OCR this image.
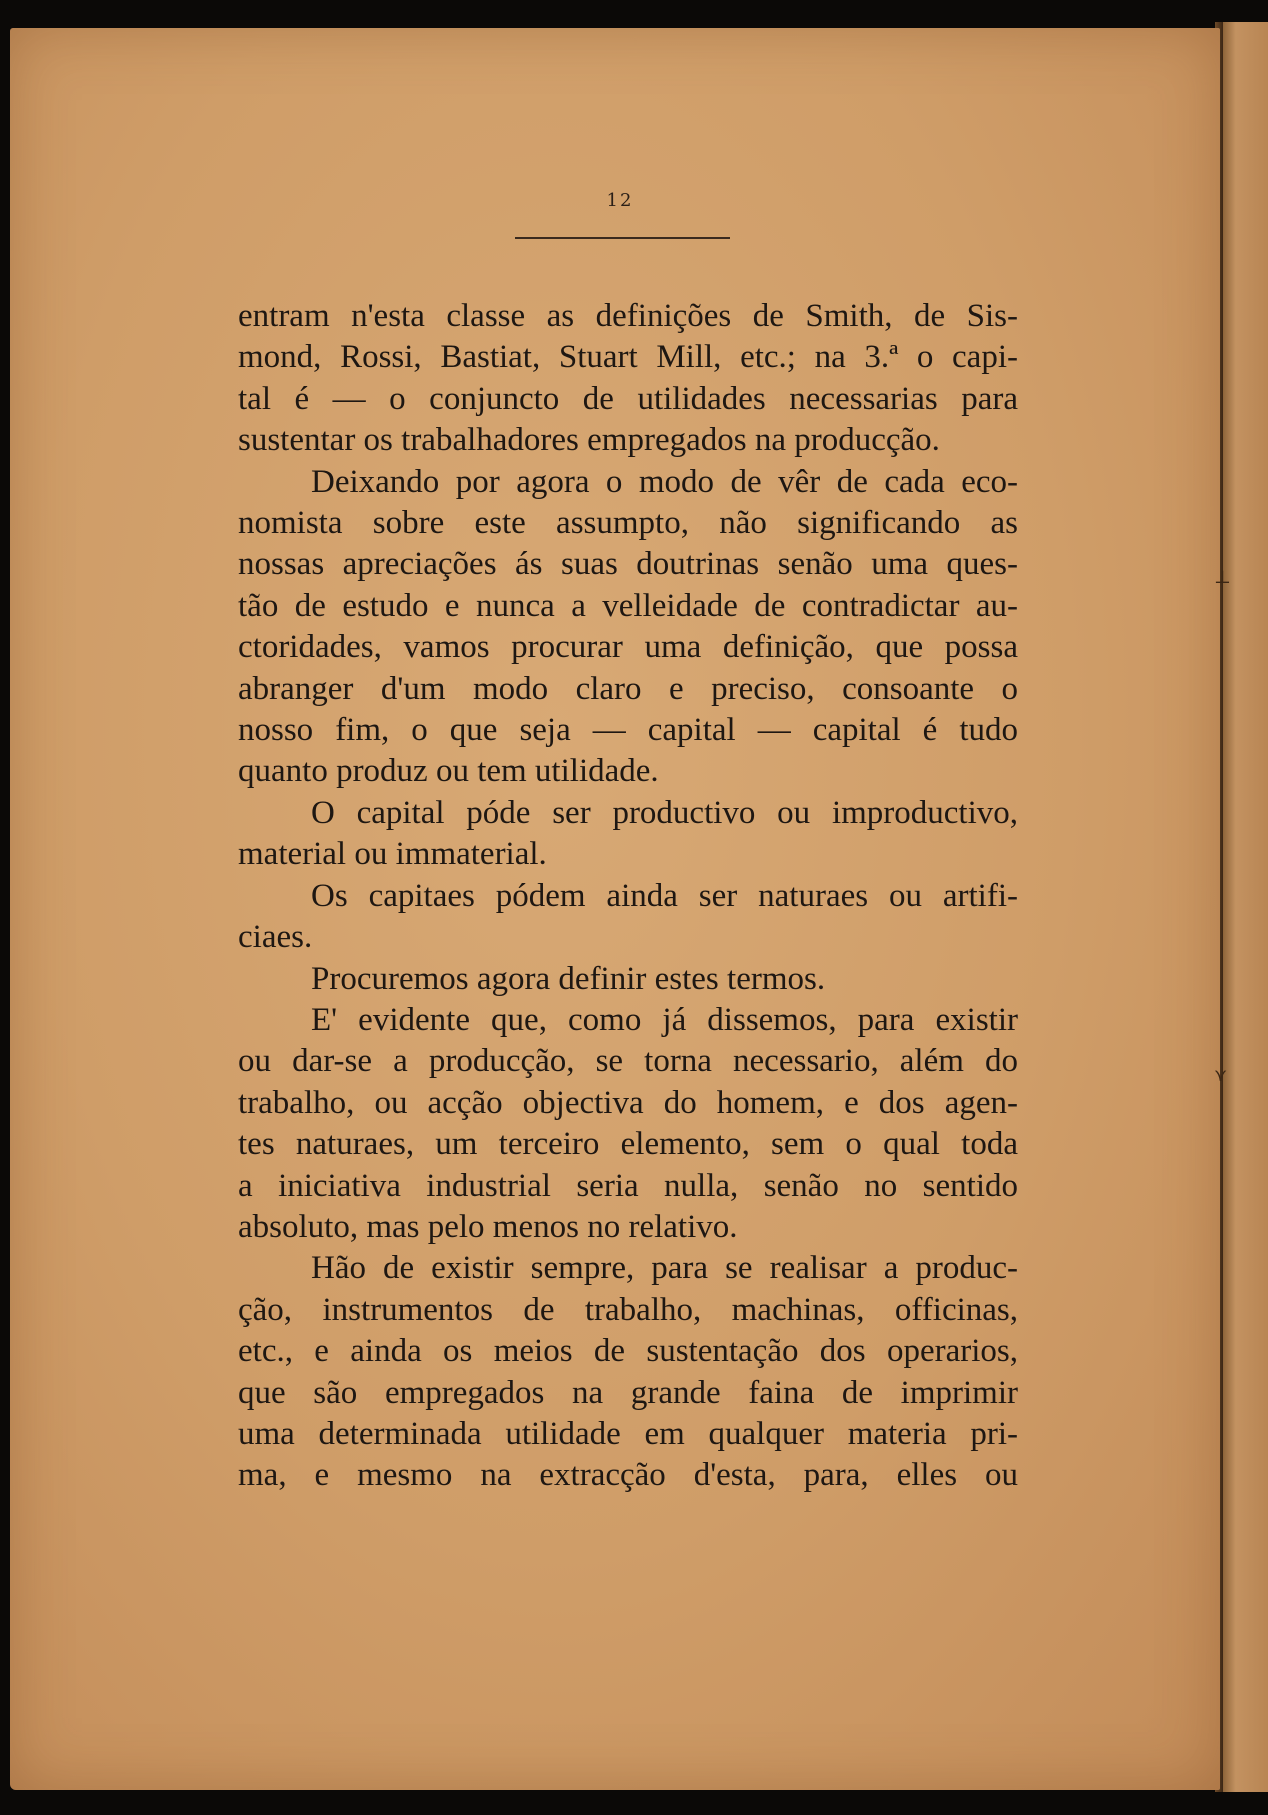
⊥
⋎
12

entram n'esta classe as definições de Smith, de Sis-
mond, Rossi, Bastiat, Stuart Mill, etc.; na 3.ª o capi-
tal é — o conjuncto de utilidades necessarias para
sustentar os trabalhadores empregados na producção.

Deixando por agora o modo de vêr de cada eco-
nomista sobre este assumpto, não significando as
nossas apreciações ás suas doutrinas senão uma ques-
tão de estudo e nunca a velleidade de contradictar au-
ctoridades, vamos procurar uma definição, que possa
abranger d'um modo claro e preciso, consoante o
nosso fim, o que seja — capital — capital é tudo
quanto produz ou tem utilidade.

O capital póde ser productivo ou improductivo,
material ou immaterial.

Os capitaes pódem ainda ser naturaes ou artifi-
ciaes.

Procuremos agora definir estes termos.

E' evidente que, como já dissemos, para existir
ou dar-se a producção, se torna necessario, além do
trabalho, ou acção objectiva do homem, e dos agen-
tes naturaes, um terceiro elemento, sem o qual toda
a iniciativa industrial seria nulla, senão no sentido
absoluto, mas pelo menos no relativo.

Hão de existir sempre, para se realisar a produc-
ção, instrumentos de trabalho, machinas, officinas,
etc., e ainda os meios de sustentação dos operarios,
que são empregados na grande faina de imprimir
uma determinada utilidade em qualquer materia pri-
ma, e mesmo na extracção d'esta, para, elles ou
